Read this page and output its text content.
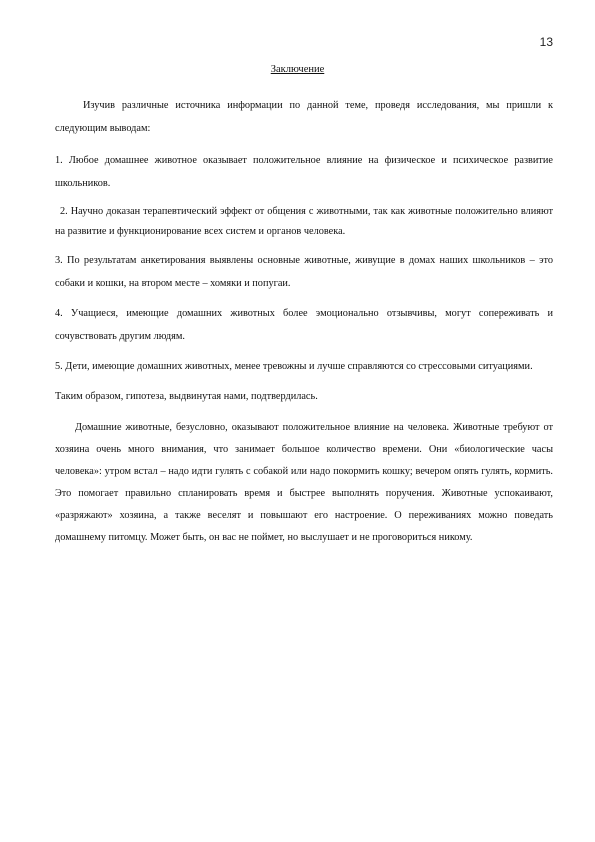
13
Заключение

Изучив различные источника информации по данной теме, проведя исследования, мы пришли к следующим выводам:

1. Любое домашнее животное оказывает положительное влияние на физическое и психическое развитие школьников.

2. Научно доказан терапевтический эффект от общения с животными, так как животные положительно влияют на развитие и функционирование всех систем и органов человека.

3. По результатам анкетирования выявлены основные животные, живущие в домах наших школьников – это собаки и кошки, на втором месте – хомяки и попугаи.

4. Учащиеся, имеющие домашних животных более эмоционально отзывчивы, могут сопереживать и сочувствовать другим людям.

5. Дети, имеющие домашних животных, менее тревожны и лучше справляются со стрессовыми ситуациями.

Таким образом, гипотеза, выдвинутая нами, подтвердилась.

Домашние животные, безусловно, оказывают положительное влияние на человека. Животные требуют от хозяина очень много внимания, что занимает большое количество времени. Они «биологические часы человека»: утром встал – надо идти гулять с собакой или надо покормить кошку; вечером опять гулять, кормить. Это помогает правильно спланировать время и быстрее выполнять поручения. Животные успокаивают, «разряжают» хозяина, а также веселят и повышают его настроение. О переживаниях можно поведать домашнему питомцу. Может быть, он вас не поймет, но выслушает и не проговориться никому.
